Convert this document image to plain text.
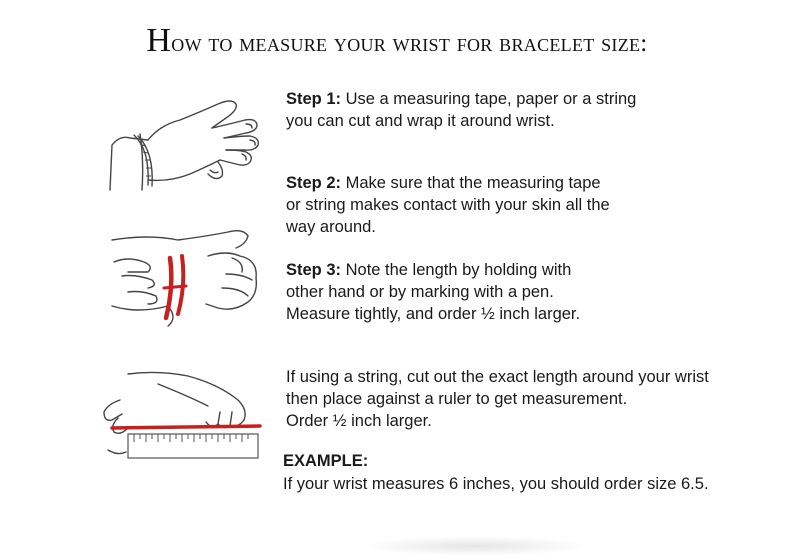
How to measure your wrist for bracelet size:
Step 1: Use a measuring tape, paper or a string
you can cut and wrap it around wrist.
Step 2: Make sure that the measuring tape
or string makes contact with your skin all the
way around.
Step 3: Note the length by holding with
other hand or by marking with a pen.
Measure tightly, and order ½ inch larger.
If using a string, cut out the exact length around your wrist
then place against a ruler to get measurement.
Order ½ inch larger.
EXAMPLE:
If your wrist measures 6 inches, you should order size 6.5.
